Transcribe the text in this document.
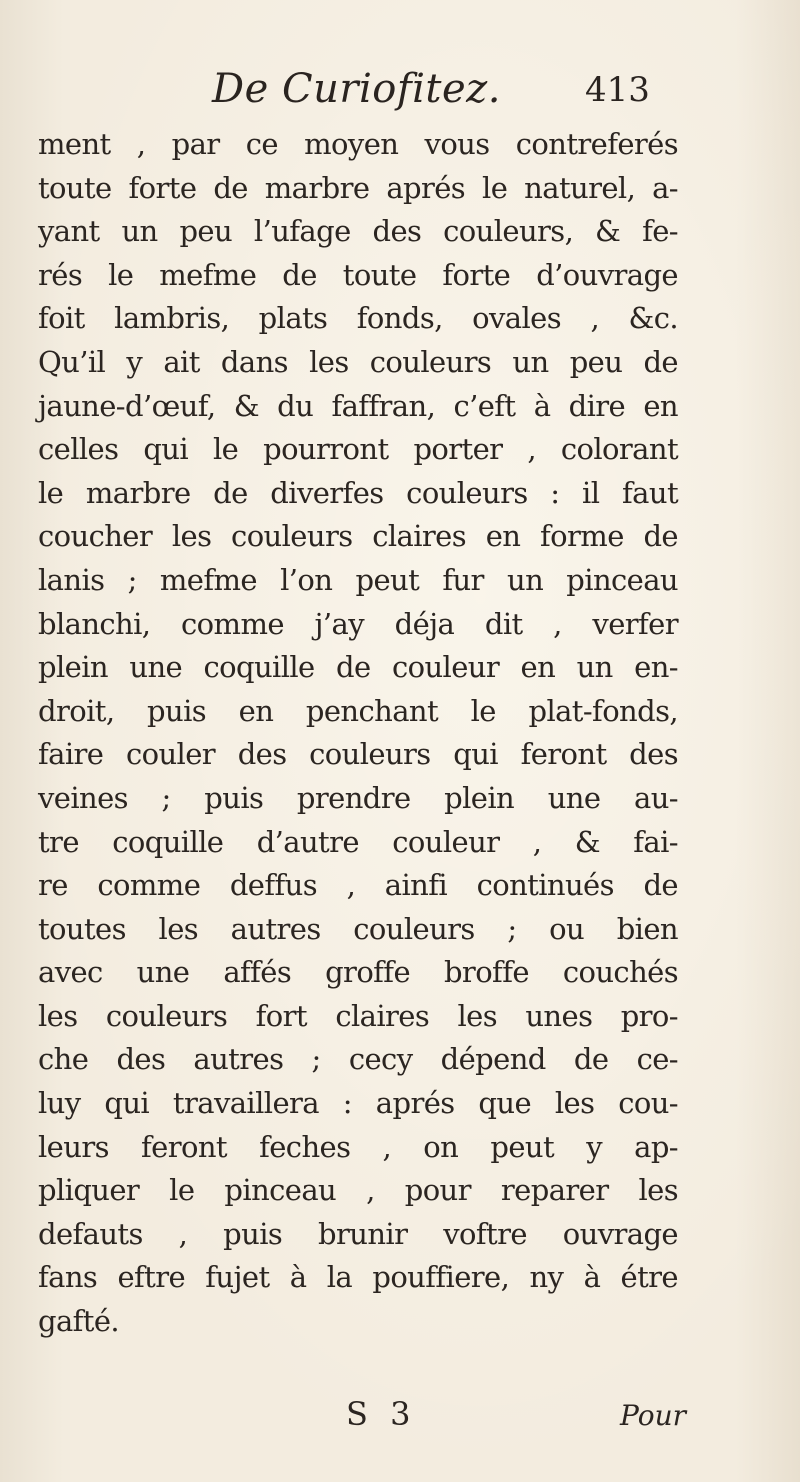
De Curiofitez. 413
ment , par ce moyen vous contreferés
toute forte de marbre aprés le naturel, a-
yant un peu l’ufage des couleurs, & fe-
rés le mefme de toute forte d’ouvrage
foit lambris, plats fonds, ovales , &c.
Qu’il y ait dans les couleurs un peu de
jaune-d’œuf, & du faffran, c’eft à dire en
celles qui le pourront porter , colorant
le marbre de diverfes couleurs : il faut
coucher les couleurs claires en forme de
lanis ; mefme l’on peut fur un pinceau
blanchi, comme j’ay déja dit , verfer
plein une coquille de couleur en un en-
droit, puis en penchant le plat-fonds,
faire couler des couleurs qui feront des
veines ; puis prendre plein une au-
tre coquille d’autre couleur , & fai-
re comme deffus , ainfi continués de
toutes les autres couleurs ; ou bien
avec une affés groffe broffe couchés
les couleurs fort claires les unes pro-
che des autres ; cecy dépend de ce-
luy qui travaillera : aprés que les cou-
leurs feront feches , on peut y ap-
pliquer le pinceau , pour reparer les
defauts , puis brunir voftre ouvrage
fans eftre fujet à la pouffiere, ny à étre
gafté.
S 3	Pour
